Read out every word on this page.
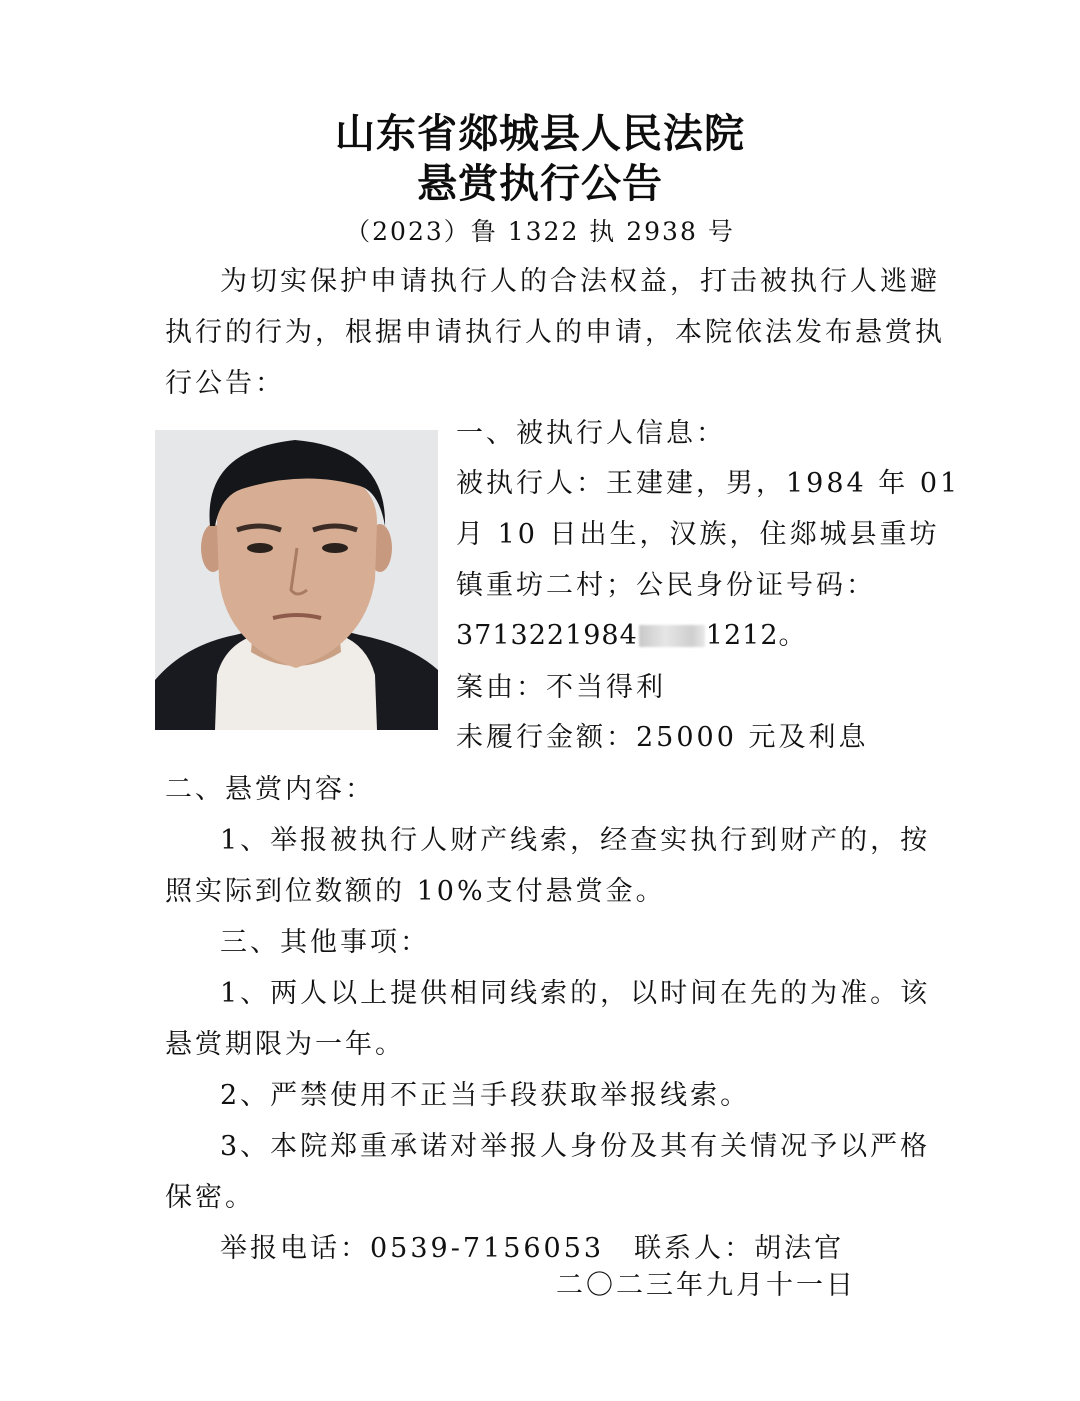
山东省郯城县人民法院
悬赏执行公告
（2023）鲁 1322 执 2938 号
为切实保护申请执行人的合法权益，打击被执行人逃避
执行的行为，根据申请执行人的申请，本院依法发布悬赏执
行公告：
一、被执行人信息：
被执行人：王建建，男，1984 年 01
月 10 日出生，汉族，住郯城县重坊
镇重坊二村；公民身份证号码：
3713221984	1212。
案由：不当得利
未履行金额：25000 元及利息
二、悬赏内容：
1、举报被执行人财产线索，经查实执行到财产的，按
照实际到位数额的 10%支付悬赏金。
三、其他事项：
1、两人以上提供相同线索的，以时间在先的为准。该
悬赏期限为一年。
2、严禁使用不正当手段获取举报线索。
3、本院郑重承诺对举报人身份及其有关情况予以严格
保密。
举报电话：0539-7156053　联系人：胡法官
二〇二三年九月十一日
